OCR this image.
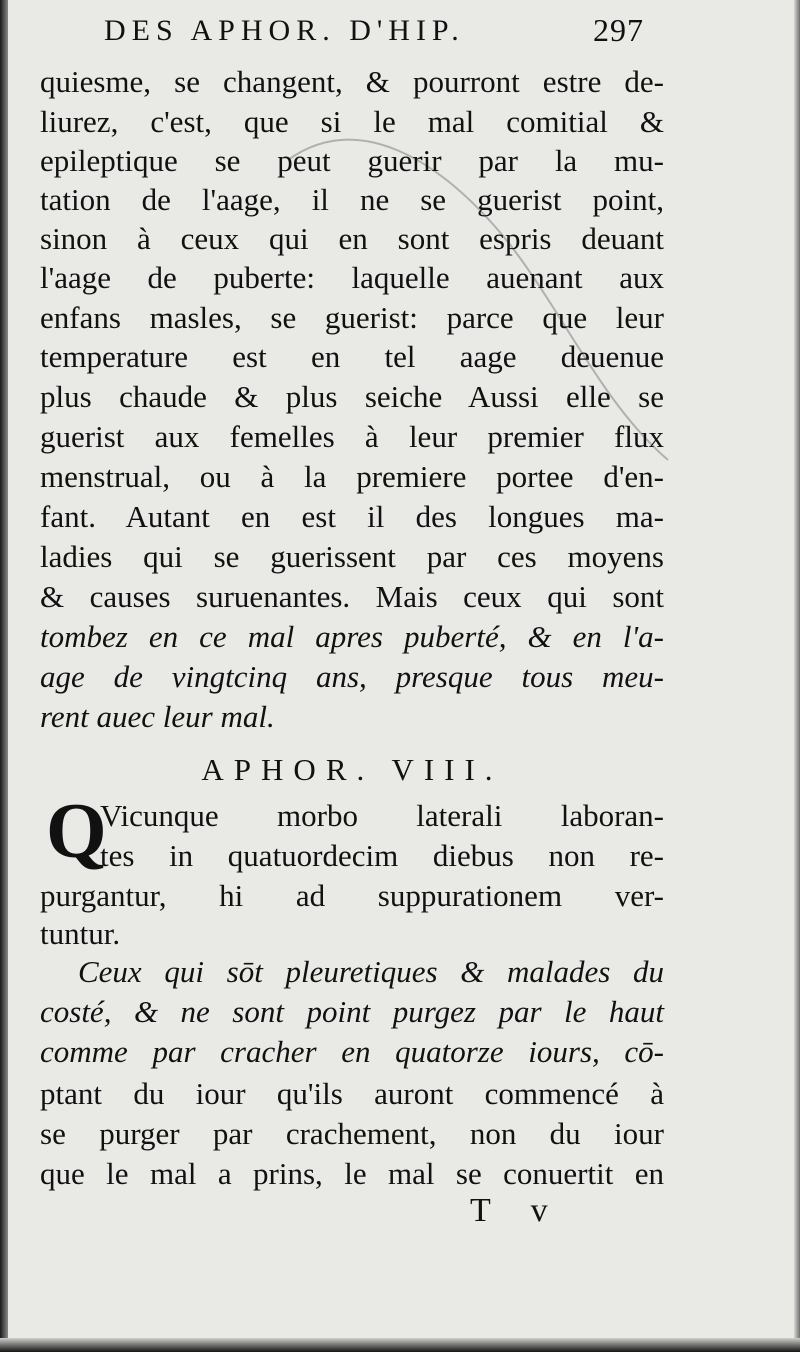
DES APHOR. D'HIP.	297
quiesme, se changent, & pourront estre de-
liurez, c'est, que si le mal comitial &
epileptique se peut guerir par la mu-
tation de l'aage, il ne se guerist point,
sinon à ceux qui en sont espris deuant
l'aage de puberte: laquelle auenant aux
enfans masles, se guerist: parce que leur
temperature est en tel aage deuenue
plus chaude & plus seiche Aussi elle se
guerist aux femelles à leur premier flux
menstrual, ou à la premiere portee d'en-
fant. Autant en est il des longues ma-
ladies qui se guerissent par ces moyens
& causes suruenantes. Mais ceux qui sont
tombez en ce mal apres puberté, & en l'a-
age de vingtcinq ans, presque tous meu-
rent auec leur mal.
APHOR. VIII.
Q
Vicunque morbo laterali laboran-
tes in quatuordecim diebus non re-
purgantur, hi ad suppurationem ver-
tuntur.
Ceux qui sōt pleuretiques & malades du
costé, & ne sont point purgez par le haut
comme par cracher en quatorze iours, cō-
ptant du iour qu'ils auront commencé à
se purger par crachement, non du iour
que le mal a prins, le mal se conuertit en
T v
